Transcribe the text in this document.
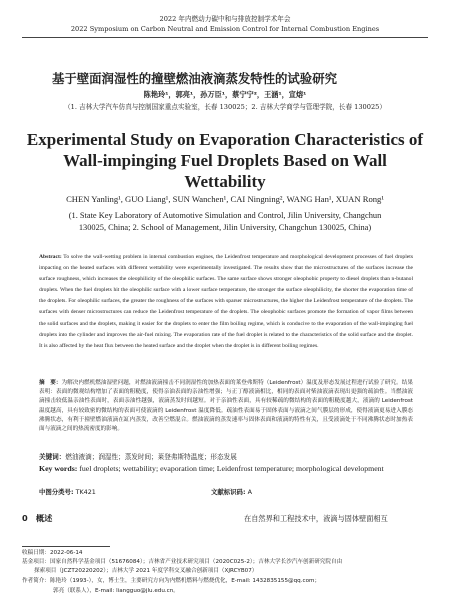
2022 年内燃动力碳中和与排放控制学术年会
2022 Symposium on Carbon Neutral and Emission Control for Internal Combustion Engines
基于壁面润湿性的撞壁燃油液滴蒸发特性的试验研究
陈艳玲¹，郭亮¹，孙万臣¹，蔡宁宁²，王涵¹，宣熔¹
（1. 吉林大学汽车仿真与控制国家重点实验室，长春 130025；2. 吉林大学商学与管理学院，长春 130025）
Experimental Study on Evaporation Characteristics of
Wall-impinging Fuel Droplets Based on Wall
Wettability
CHEN Yanling¹, GUO Liang¹, SUN Wanchen¹, CAI Ningning², WANG Han¹, XUAN Rong¹
(1. State Key Laboratory of Automotive Simulation and Control, Jilin University, Changchun
130025, China; 2. School of Management, Jilin University, Changchun 130025, China)
Abstract: To solve the wall-wetting problem in internal combustion engines, the Leidenfrost temperature and morphological development processes of fuel droplets impacting on the heated surfaces with different wettability were experimentally investigated. The results show that the microstructures of the surfaces increase the surface roughness, which increases the oleophilicity of the oleophilic surfaces. The same surface shows stronger oleophobic property to diesel droplets than n-butanol droplets. When the fuel droplets hit the oleophilic surface with a lower surface temperature, the stronger the surface oleophilicity, the shorter the evaporation time of the droplets. For oleophilic surfaces, the greater the roughness of the surfaces with sparser microstructures, the higher the Leidenfrost temperature of the droplets. The surfaces with denser microstructures can reduce the Leidenfrost temperature of the droplets. The oleophobic surfaces promote the formation of vapor films between the solid surfaces and the droplets, making it easier for the droplets to enter the film boiling regime, which is conducive to the evaporation of the wall-impinging fuel droplets into the cylinder and improves the air-fuel mixing. The evaporation rate of the fuel droplet is related to the characteristics of the solid surface and the droplet. It is also affected by the heat flux between the heated surface and the droplet when the droplet is in different boiling regimes.
摘　要：为解决内燃机燃油湿壁问题，对燃油液滴撞击不同润湿性的加热表面的莱登弗斯特（Leidenfrost）温度及形态发展过程进行试验了研究。结果表明：表面的微观结构增加了表面的粗糙度，使得亲油表面的亲油性增强；与正丁醇液滴相比，相同的表面对柴油液滴表现出更强的疏油性。当燃油液滴撞击较低温亲油性表面时，表面亲油性越强，液滴蒸发时间越短。对于亲油性表面，具有较稀疏的微结构的表面的粗糙度越大，液滴的 Leidenfrost 温度越高，具有较致密的微结构的表面可使液滴的 Leidenfrost 温度降低。疏油性表面易于固体表面与液滴之间气膜层的形成，使得液滴更易进入膜态沸腾状态，有利于撞壁燃油液滴在缸内蒸发，改善空燃混合。燃油液滴的蒸发速率与固体表面和液滴的特性有关，且受液滴处于不同沸腾状态时加热表面与液滴之间的热流密度的影响。
关键词：燃油液滴；润湿性；蒸发时间；莱登弗斯特温度；形态发展
Key words: fuel droplets; wettability; evaporation time; Leidenfrost temperature; morphological development
中图分类号: TK421	文献标识码: A
0　概述	在自然界和工程技术中，液滴与固体壁面相互
收稿日期：2022-06-14
基金项目：国家自然科学基金项目（51676084）；吉林省产业技术研究项目（2020C025-2）；吉林大学长沙汽车创新研究院自由
探索项目（JCZT20220202）；吉林大学 2021 年度学科交叉融合创新项目（XJRCYB07）
作者简介：陈艳玲（1993-），女，博士生，主要研究方向为内燃机燃料与燃烧优化，E-mail: 1432835155@qq.com；
郭亮（联系人），E-mail: liangguo@jlu.edu.cn。
